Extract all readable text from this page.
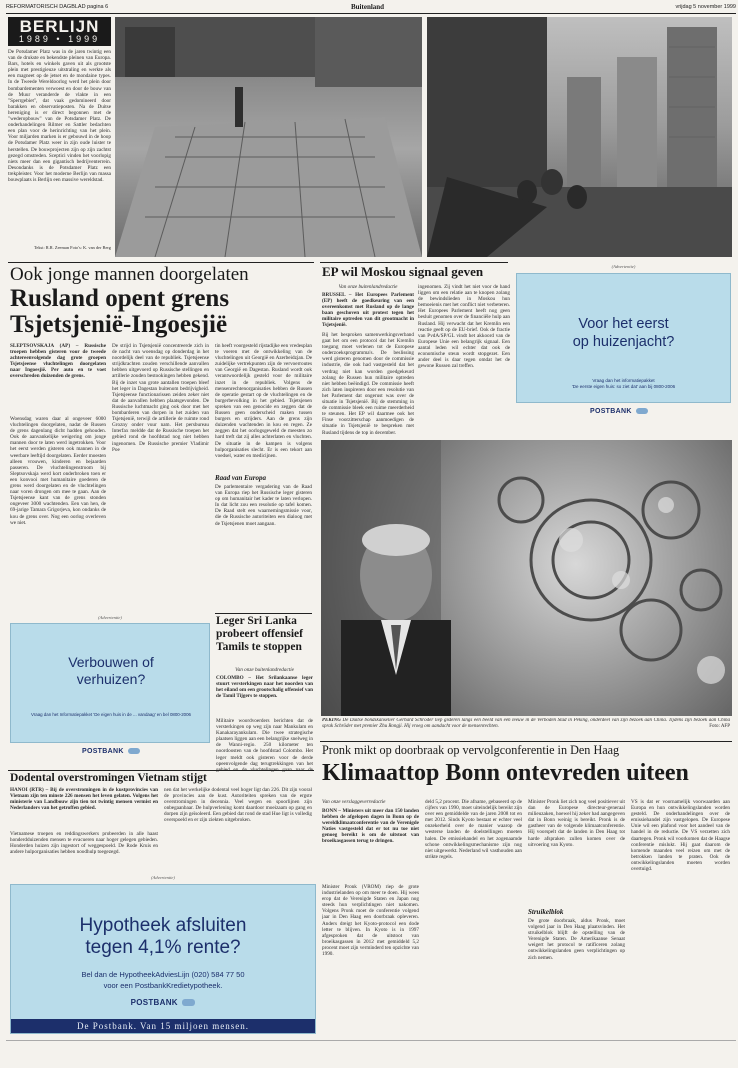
REFORMATORISCH DAGBLAD pagina 6	Buitenland	vrijdag 5 november 1999
BERLIJN
1989 • 1999
De Potsdamer Platz was in de jaren twintig een van de drukste en bekendste pleinen van Europa. Bars, hotels en winkels gaven uit als grootste plein met prestigieuze uitstraling en werkte als een magneet op de jetset en de mondaine types. In de Tweede Wereldoorlog werd het plein door bombardementen verwoest en door de bouw van de Muur veranderde de vlakte in een "Sperrgebiet", dat vaak gedomineerd door barakken en observatieposten. Na de Duitse hereniging is er direct begonnen met de "wederopbouw" van de Potsdamer Platz. De onderhandelingen Rilmer en Sattler bedachten een plan voor de herinrichting van het plein. Voor miljarden marken is er gebouwd in de hoop de Potsdamer Platz weer in zijn oude luister te herstellen. De bouwprojecten zijn op zijn zachtst gezegd omstreden. Sceptici vinden het voorlopig niets meer dan een gigantisch bedrijventerrein. Desondanks is de Potsdamer Platz een trekpleister. Voor het moderne Berlijn van massa bouwplaats is Berlijn een massive wereldstad.
Tekst: R.R. Zeeman Foto's: K. van der Berg
Ook jonge mannen doorgelaten
Rusland opent grens Tsjetsjenië-Ingoesjië
SLEPTSOVSKAJA (AP) – Russische troepen hebben gisteren voor de tweede achtereenvolgende dag grote groepen Tsjetsjeense vluchtelingen doorgelaten naar Ingoesjië. Per auto en te voet overschreden duizenden de grens.
Woensdag waren daar al ongeveer 6000 vluchtelingen doorgelaten, nadat de Russen de grens dagenlang dicht hadden gehouden. Ook de aanvankelijke weigering om jonge mannen door te laten werd ingetrokken. Voor het eerst werden gisteren ook mannen in de weerbare leeftijd doorgelaten. Eerder moesten alleen vrouwen, kinderen en bejaarden passeren. De vluchtelingenstroom bij Sleptsovskaja werd kort onderbroken toen er een konvooi met humanitaire goederen de grens werd doorgelaten en de vluchtelingen naar voren drongen om mee te gaan. Aan de Tsjetsjeense kant van de grens stonden ongeveer 3000 wachtenden. Een van hen, de 69-jarige Tamara Grigorjeva, kon ondanks de kou de grens over. Nog een oorlog overleven we niet.
De strijd in Tsjetsjenië concentreerde zich in de nacht van woensdag op donderdag in het noordelijk deel van de republiek. Tsjetsjeense strijdkrachten zouden verschillende aanvallen hebben uitgevoerd op Russische stellingen en artillerie zouden bestookingen hebben gekend. Bij de inzet van grote aantallen troepen bleef het leger in Dagestan buitenom bedrijvigheid. Tsjetsjeense functionarissen zeiden zeker niet dat de aanvallen hebben plaatsgevonden. De Russische luchtmacht ging ook door met het bombarderen van dorpen in het zuiden van Tsjetsjenië, terwijl de artillerie de ruimte rond Grozny onder vuur nam. Het persbureau Interfax meldde dat de Russische troepen het gebied rond de hoofdstad nog niet hebben ingenomen. De Russische premier Vladimir Poe
tin heeft voorgesteld rijstadijke een vredesplan te voeren met de ontwikkeling van de vluchtelingen uit Georgië en Azerbeidzjan. De zuidelijke vertrekpunten zijn de vervoerroutes van Georgië en Dagestan. Rusland wordt ook verantwoordelijk gesteld voor de militaire inzet in de republiek. Volgens de mensenrechtenorganisaties hebben de Russen de operatie gestart op de vluchtelingen en de burgerbevolking in het gebied. Tsjetsjenen spreken van een genocide en zeggen dat de Russen geen onderscheid maken tussen burgers en strijders. Aan de grens zijn duizenden wachtenden in kou en regen. Ze zeggen dat het oorlogsgeweld de meesten zo hard treft dat zij alles achterlaten en vluchten. De situatie in de kampen is volgens hulporganisaties slecht. Er is een tekort aan voedsel, water en medicijnen.
Raad van Europa
De parlementaire vergadering van de Raad van Europa riep het Russische leger gisteren op om humanitair het kader te laten verlopen. In dat licht zou een resolutie op tafel komen. De Raad stelt een waarnemingsmissie voor, die de Russische autoriteiten een dialoog met de Tsjetsjenen moet aangaan.
(Advertentie)
Verbouwen of
verhuizen?
Vraag dan het Informatiepakket 'De eigen huis in de ... vandaag' en bel 0800-2006
POSTBANK
Leger Sri Lanka probeert offensief Tamils te stoppen
Van onze buitenlandredactie
COLOMBO – Het Srilankaanse leger stuurt versterkingen naar het noorden van het eiland om een grootschalig offensief van de Tamil Tijgers te stoppen.
Militaire woordvoerders berichten dat de versterkingen op weg zijn naar Mankulam en Kanakarayankulam. Die twee strategische plaatsen liggen aan een belangrijke snelweg in de Wanni-regio. 250 kilometer ten noordoosten van de hoofdstad Colombo. Het leger meldt ook gisteren voor de derde opeenvolgende dag terugtrekkingen van het
Dodental overstromingen Vietnam stijgt
HANOI (RTR) – Bij de overstromingen in de kustprovincies van Vietnam zijn ten minste 226 mensen het leven gelaten. Volgens het ministerie van Landbouw zijn tien tot twintig mensen vermist en Nederlanders van het getroffen gebied.
Vietnamese troepen en reddingswerkers probeerden in alle haast honderdduizenden mensen te evacueren naar hoger gelegen gebieden. Honderden huizen zijn ingestort of weggespoeld. De Rode Kruis en andere hulporganisaties hebben noodhulp toegezegd.
nen dat het werkelijke dodental veel hoger ligt dan 226. Dit zijn vooral de provincies aan de kust. Autoriteiten spreken van de ergste overstromingen in decennia. Veel wegen en spoorlijnen zijn onbegaanbaar. De hulpverlening komt daardoor moeizaam op gang en dorpen zijn geïsoleerd. Een gebied dat rond de stad Hue ligt is volledig overspoeld en er zijn ziekten uitgebroken.
(Advertentie)
Hypotheek afsluiten
tegen 4,1% rente?
Bel dan de HypotheekAdviesLijn (020) 584 77 50
voor een PostbankKredietypotheek.
POSTBANK
De Postbank. Van 15 miljoen mensen.
EP wil Moskou signaal geven
Van onze buitenlandredactie
BRUSSEL – Het Europees Parlement (EP) heeft de goedkeuring van een overeenkomst met Rusland op de lange baan geschoven uit protest tegen het militaire optreden van dit grootmacht in Tsjetsjenië.
Bij het besproken samenwerkingsverband gaat het om een protocol dat het Kremlin toegang moet verlenen tot de Europese onderzoeksprogramma's. De beslissing werd gisteren genomen door de commissie industrie, die ook had vastgesteld dat het verdrag niet kan worden goedgekeurd zolang de Russen hun militaire optreden niet hebben beëindigd. De commissie heeft zich laten inspireren door een resolutie van het Parlement dat ongerust was over de situatie in Tsjetsjenië. Bij de stemming in de commissie bleek een ruime meerderheid te steunen. Het EP wil daarmee ook het Finse voorzitterschap aanmoedigen de situatie in Tsjetsjenië te bespreken met Rusland tijdens de top in december.
ingenomen. Zij vindt het niet voor de hand liggen om een relatie aan te knopen zolang de bewindslieden in Moskou hun bemoeienis met het conflict niet verbeteren. Het Europees Parlement heeft nog geen besluit genomen over de financiële hulp aan Rusland. Hij verwacht dat het Kremlin een reactie geeft op de EU-brief. Ook de fractie van PvdA/SP/GL vindt het akkoord van de Europese Unie een belangrijk signaal. Een aantal leden wil echter dat ook de economische steun wordt stopgezet. Een ander deel is daar tegen omdat het de gewone Russen zal treffen.
(Advertentie)
Voor het eerst
op huizenjacht?
Vraag dan het informatiepakket
'De eerste eigen huis: so ziet dat' aan bij 0800-2006
POSTBANK
PEKING De Duitse bondskanselier Gerhard Schröder liep gisteren langs een beeld van een leeuw in de Verboden Stad in Peking, onderdeel van zijn bezoek aan China. Tijdens zijn bezoek aan China sprak Schröder met premier Zhu Rongji. Hij vroeg om aandacht voor de mensenrechten.	Foto: AFP
Pronk mikt op doorbraak op vervolgconferentie in Den Haag
Klimaattop Bonn ontevreden uiteen
Van onze verslaggeverredactie
BONN – Ministers uit meer dan 150 landen hebben de afgelopen dagen in Bonn op de wereldklimaatconferentie van de Verenigde Naties vastgesteld dat er tot nu toe niet genoeg bereikt is om de uitstoot van broeikasgassen terug te dringen.
Minister Pronk (VROM) riep de grote industrielanden op om meer te doen. Hij wees erop dat de Verenigde Staten en Japan nog steeds hun verplichtingen niet nakomen. Volgens Pronk moet de conferentie volgend jaar in Den Haag een doorbraak opleveren. Anders dreigt het Kyoto-protocol een dode letter te blijven. In Kyoto is in 1997 afgesproken dat de uitstoot van broeikasgassen in 2012 met gemiddeld 5,2 procent moet zijn verminderd ten opzichte van 1990.
deld 5,2 procent. Die afname, gebaseerd op de cijfers van 1990, moet uiteindelijk bereikt zijn over een gemiddelde van de jaren 2008 tot en met 2012. Sinds Kyoto bestaat er echter veel onzekerheid over de manier waarop de westerse landen de doelstellingen moeten halen. De emissiehandel en het zogenaamde schone ontwikkelingsmechanisme zijn nog niet uitgewerkt. Nederland wil vasthouden aan strikte regels.
Minister Pronk liet zich nog veel positiever uit dan de Europese directeur-generaal milieuzaken, hoewel hij zeker had aangegeven dat in Bonn weinig is bereikt. Pronk is de gastheer van de volgende klimaatconferentie. Hij voorspelt dat de landen in Den Haag tot harde afspraken zullen komen over de uitvoering van Kyoto.
Struikelblok
De grote doorbraak, aldus Pronk, moet volgend jaar in Den Haag plaatsvinden. Het struikelblok blijft de opstelling van de Verenigde Staten. De Amerikaanse Senaat weigert het protocol te ratificeren zolang ontwikkelingslanden geen verplichtingen op zich nemen.
VS is dat er voornamelijk voorwaarden aan Europa en hun ontwikkelingslanden worden gesteld. De onderhandelingen over de emissiehandel zijn vastgelopen. De Europese Unie wil een plafond voor het aandeel van de handel in de reductie. De VS verzetten zich daartegen. Pronk wil voorkomen dat de Haagse conferentie mislukt. Hij gaat daarom de komende maanden veel reizen om met de betrokken landen te praten. Ook de ontwikkelingslanden moeten worden overtuigd.
